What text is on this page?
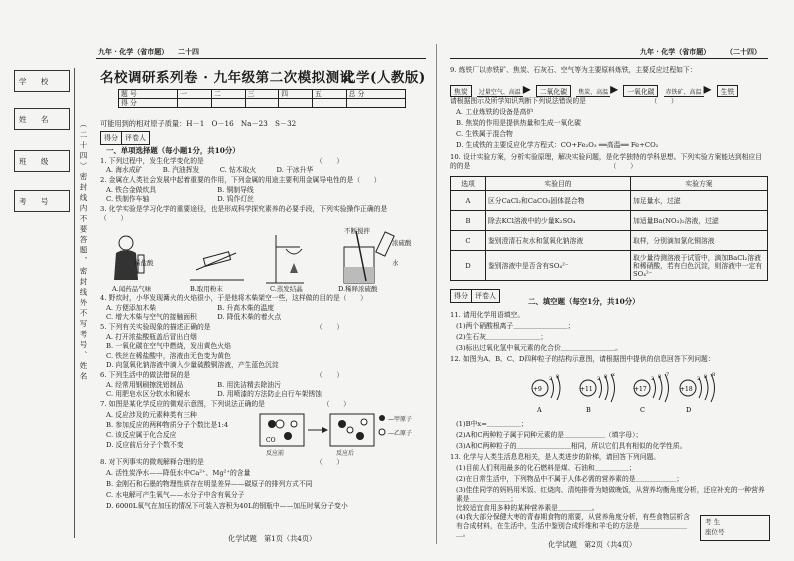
九年 · 化学（省市题） 二十四
学 校
姓 名
班 级
考 号	（二十四）密封线内不要答题，密封线外不写考号、姓名
名校调研系列卷 · 九年级第二次模拟测试
化学(人教版)
题 号	一	二	三	四	五	总 分
得 分						
可能用到的相对原子质量：H－1　O－16　Na－23　S－32
得分 评卷人
一、单项选择题（每小题1分，共10分）
1. 下列过程中，发生化学变化的是　　　　　　　　　　　　　　　　　（　　）
A. 海水成矿　　　B. 汽油挥发　　　C. 钻木取火　　　D. 干冰升华
2. 金属在人类社会发展中起着重要的作用，下列金属的用途主要利用金属导电性的是（　　）
A. 铁合金做炊具　　　　　　　　　B. 铜制导线
C. 铁制作车轴　　　　　　　　　　D. 钨作灯丝
3. 化学实验是学习化学的重要途径，也是形成科学探究素养的必要手段，下列实验操作正确的是　　（　　）
稀盐酸
不断搅拌
浓硫酸
水
A.闻药品气味	B.取用粉末	C.蒸发结晶	D.稀释浓硫酸
4. 野炊时，小华发现篝火的火焰很小，于是他将木柴架空一些，这样做的目的是（　　）
A. 方便添加木柴　　　　　　　　　B. 升高木柴的温度
C. 增大木柴与空气的接触面积　　　D. 降低木柴的着火点
5. 下列有关实验现象的描述正确的是　　　　　　　　　　　　　　　　（　　）
A. 打开浓盐酸瓶盖后冒出白烟
B. 一氧化碳在空气中燃烧，发出黄色火焰
C. 铁丝在稀盐酸中，溶液由无色变为黄色
D. 向氢氧化钠溶液中滴入少量硫酸铜溶液，产生蓝色沉淀
6. 下列生活中的做法错误的是　　　　　　　　　　　　　　　　　　　（　　）
A. 经常用钢刷擦洗铝制品　　　　　B. 用洗洁精去除油污
C. 用肥皂水区分软水和硬水　　　　D. 用喷漆的方法防止自行车架锈蚀
7. 如图是某化学反应的微观示意图，下列说法正确的是　　　　　　　　　（　　）
A. 反应涉及的元素种类有三种
B. 参加反应的两种物质分子个数比是1:4
C. 该反应属于化合反应
D. 反应前后分子个数不变
CO
—甲原子
—乙原子
反应前	反应后
8. 对下列事实的微观解释合理的是　　　　　　　　　　　　　　　　　（　　）
A. 活性炭净水——降低水中Ca²⁺、Mg²⁺的含量
B. 金刚石和石墨的物理性质存在明显差异——碳原子的排列方式不同
C. 水电解可产生氧气——水分子中含有氧分子
D. 6000L氧气在加压的情况下可装入容积为40L的钢瓶中——加压时氧分子变小
化学试题　第1页（共4页）
九年 · 化学（省市题） （二十四）
9. 炼铁厂以赤铁矿、焦炭、石灰石、空气等为主要原料炼铁，主要反应过程如下：
焦炭 过量空气、高温 ▸ 二氧化碳 焦炭、高温 ▸ 一氧化碳 赤铁矿、高温 ▸ 生铁
请根据图示及所学知识判断下列说法错误的是　　　　　　　　　　（　　）
A. 工业炼铁的设备是高炉
B. 焦炭的作用是提供热量和生成一氧化碳
C. 生铁属于混合物
D. 生成铁的主要反应化学方程式：CO+Fe₂O₃ ══高温══ Fe+CO₂
10. 设计实验方案，分析实验原理，解决实验问题，是化学独特的学科思想。下列实验方案能达到相应目的的是　　　　　　　　　　　　　　　　　　　　　（　　）
选项	实验目的	实验方案
A	区分CaCl₂和CaCO₃固体混合物	加足量水，过滤
B	除去KCl溶液中的少量K₂SO₄	加适量Ba(NO₃)₂溶液，过滤
C	鉴别澄清石灰水和氢氧化钠溶液	取样，分别滴加氯化铜溶液
D	鉴别溶液中是否含有SO₄²⁻	取少量待测溶液于试管中，滴加BaCl₂溶液和稀硝酸，若有白色沉淀，则溶液中一定有SO₄²⁻
得分 评卷人
二、填空题（每空1分，共10分）
11. 请用化学用语填空。
(1)两个硝酸根离子＿＿＿＿＿＿＿＿；
(2)生石灰＿＿＿＿＿＿＿＿；
(3)标出过氧化氢中氧元素的化合价＿＿＿＿＿＿＿＿。
12. 如图为A、B、C、D四种粒子的结构示意图，请根据图中提供的信息回答下列问题：
+9
2 8
A
+11
2 8 x
B
+17
2 8 7
C
+18
2 8 8
D
(1)B中x=＿＿＿＿＿；
(2)A和C两种粒子属于同种元素的是＿＿＿＿＿＿（填字母）；
(3)A和C两种粒子的＿＿＿＿＿＿＿＿相同，所以它们具有相似的化学性质。
13. 化学与人类生活息息相关，是人类进步的阶梯，请回答下列问题。
(1)目前人们利用最多的化石燃料是煤、石油和＿＿＿＿＿；
(2)在日常生活中，下列物品中不属于人体必需的营养素的是＿＿＿＿＿＿；
(3)佳佳同学的妈妈用米饭、红烧肉、清炖排骨为她做晚饭，从营养均衡角度分析，还应补充的一种营养素是＿＿＿＿＿＿；
比较适宜食用多种的某种营养素是＿＿＿＿＿。
(4)我大部分保健大枣的青春期食物的需要，从营养角度分析，有些食物层析含有合成材料，在生活中，生活中鉴别合成纤维和羊毛的方法是＿＿＿＿＿＿＿＿。
考 生
座位号
化学试题　第2页（共4页）
